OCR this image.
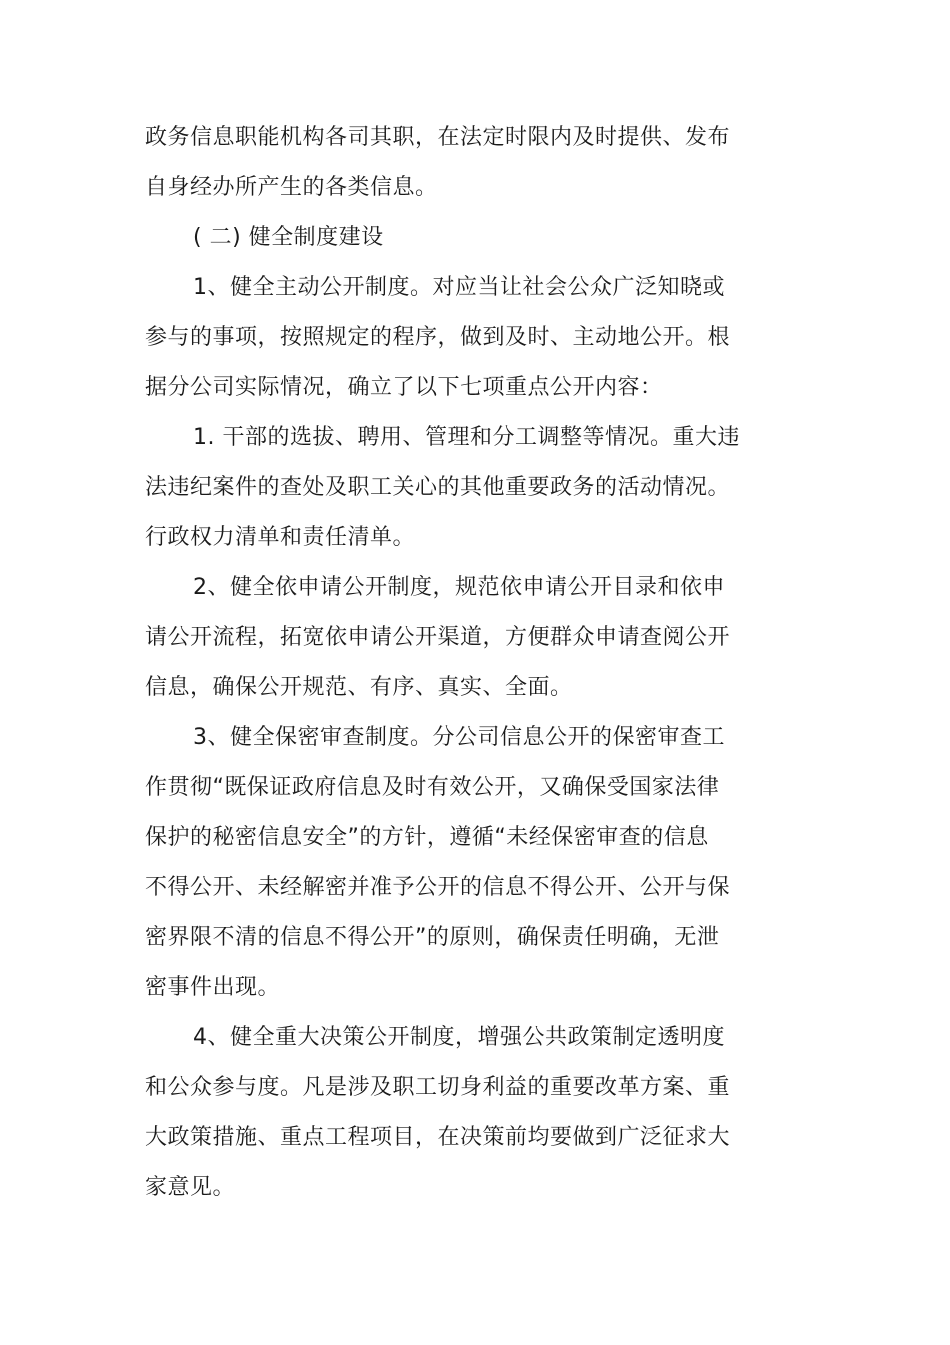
政务信息职能机构各司其职，在法定时限内及时提供、发布
自身经办所产生的各类信息。

( 二) 健全制度建设

1、健全主动公开制度。对应当让社会公众广泛知晓或
参与的事项，按照规定的程序，做到及时、主动地公开。根
据分公司实际情况，确立了以下七项重点公开内容：

1. 干部的选拔、聘用、管理和分工调整等情况。重大违
法违纪案件的查处及职工关心的其他重要政务的活动情况。
行政权力清单和责任清单。

2、健全依申请公开制度，规范依申请公开目录和依申
请公开流程，拓宽依申请公开渠道，方便群众申请查阅公开
信息，确保公开规范、有序、真实、全面。

3、健全保密审查制度。分公司信息公开的保密审查工
作贯彻“既保证政府信息及时有效公开，又确保受国家法律
保护的秘密信息安全”的方针，遵循“未经保密审查的信息
不得公开、未经解密并准予公开的信息不得公开、公开与保
密界限不清的信息不得公开”的原则，确保责任明确，无泄
密事件出现。

4、健全重大决策公开制度，增强公共政策制定透明度
和公众参与度。凡是涉及职工切身利益的重要改革方案、重
大政策措施、重点工程项目，在决策前均要做到广泛征求大
家意见。
